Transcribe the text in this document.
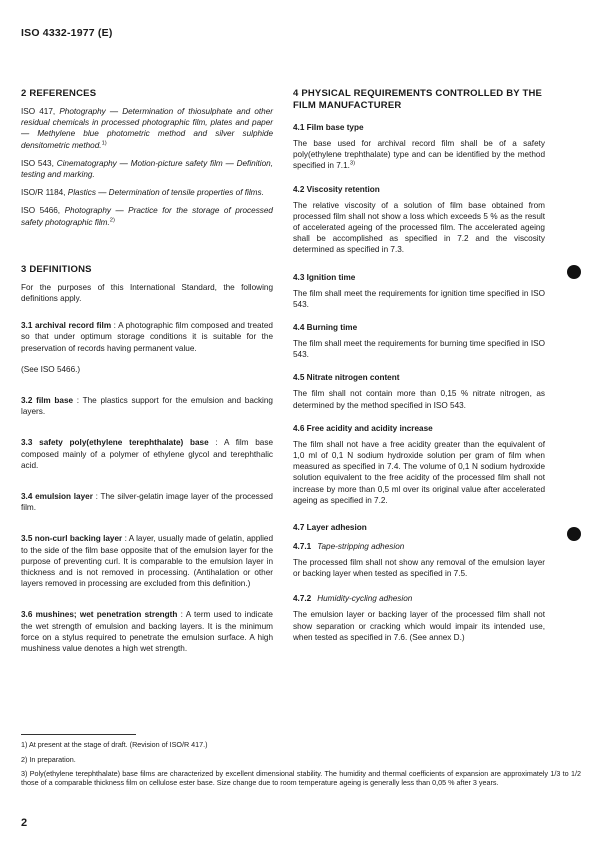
ISO 4332-1977 (E)
2 REFERENCES

ISO 417, Photography — Determination of thiosulphate and other residual chemicals in processed photographic film, plates and paper — Methylene blue photometric method and silver sulphide densitometric method.$^{1)}$

ISO 543, Cinematography — Motion-picture safety film — Definition, testing and marking.

ISO/R 1184, Plastics — Determination of tensile properties of films.

ISO 5466, Photography — Practice for the storage of processed safety photographic film.$^{2)}$

3 DEFINITIONS

For the purposes of this International Standard, the following definitions apply.

3.1 archival record film : A photographic film composed and treated so that under optimum storage conditions it is suitable for the preservation of records having permanent value.

(See ISO 5466.)

3.2 film base : The plastics support for the emulsion and backing layers.

3.3 safety poly(ethylene terephthalate) base : A film base composed mainly of a polymer of ethylene glycol and terephthalic acid.

3.4 emulsion layer : The silver-gelatin image layer of the processed film.

3.5 non-curl backing layer : A layer, usually made of gelatin, applied to the side of the film base opposite that of the emulsion layer for the purpose of preventing curl. It is comparable to the emulsion layer in thickness and is not removed in processing. (Antihalation or other layers removed in processing are excluded from this definition.)

3.6 mushines; wet penetration strength : A term used to indicate the wet strength of emulsion and backing layers. It is the minimum force on a stylus required to penetrate the emulsion surface. A high mushiness value denotes a high wet strength.

4 PHYSICAL REQUIREMENTS CONTROLLED BY THE FILM MANUFACTURER
4.1 Film base type

The base used for archival record film shall be of a safety poly(ethylene trephthalate) type and can be identified by the method specified in 7.1.$^{3)}$

4.2 Viscosity retention

The relative viscosity of a solution of film base obtained from processed film shall not show a loss which exceeds 5 % as the result of accelerated ageing of the processed film. The accelerated ageing shall be accomplished as specified in 7.2 and the viscosity determined as specified in 7.3.

4.3 Ignition time

The film shall meet the requirements for ignition time specified in ISO 543.

4.4 Burning time

The film shall meet the requirements for burning time specified in ISO 543.

4.5 Nitrate nitrogen content

The film shall not contain more than 0,15 % nitrate nitrogen, as determined by the method specified in ISO 543.

4.6 Free acidity and acidity increase

The film shall not have a free acidity greater than the equivalent of 1,0 ml of 0,1 N sodium hydroxide solution per gram of film when measured as specified in 7.4. The volume of 0,1 N sodium hydroxide solution equivalent to the free acidity of the processed film shall not increase by more than 0,5 ml over its original value after accelerated ageing as specified in 7.2.

4.7 Layer adhesion
4.7.1 Tape-stripping adhesion

The processed film shall not show any removal of the emulsion layer or backing layer when tested as specified in 7.5.

4.7.2 Humidity-cycling adhesion

The emulsion layer or backing layer of the processed film shall not show separation or cracking which would impair its intended use, when tested as specified in 7.6. (See annex D.)

1) At present at the stage of draft. (Revision of ISO/R 417.)
2) In preparation.
3) Poly(ethylene terephthalate) base films are characterized by excellent dimensional stability. The humidity and thermal coefficients of expansion are approximately 1/3 to 1/2 those of a comparable thickness film on cellulose ester base. Size change due to room temperature ageing is generally less than 0,05 % after 3 years.
2
